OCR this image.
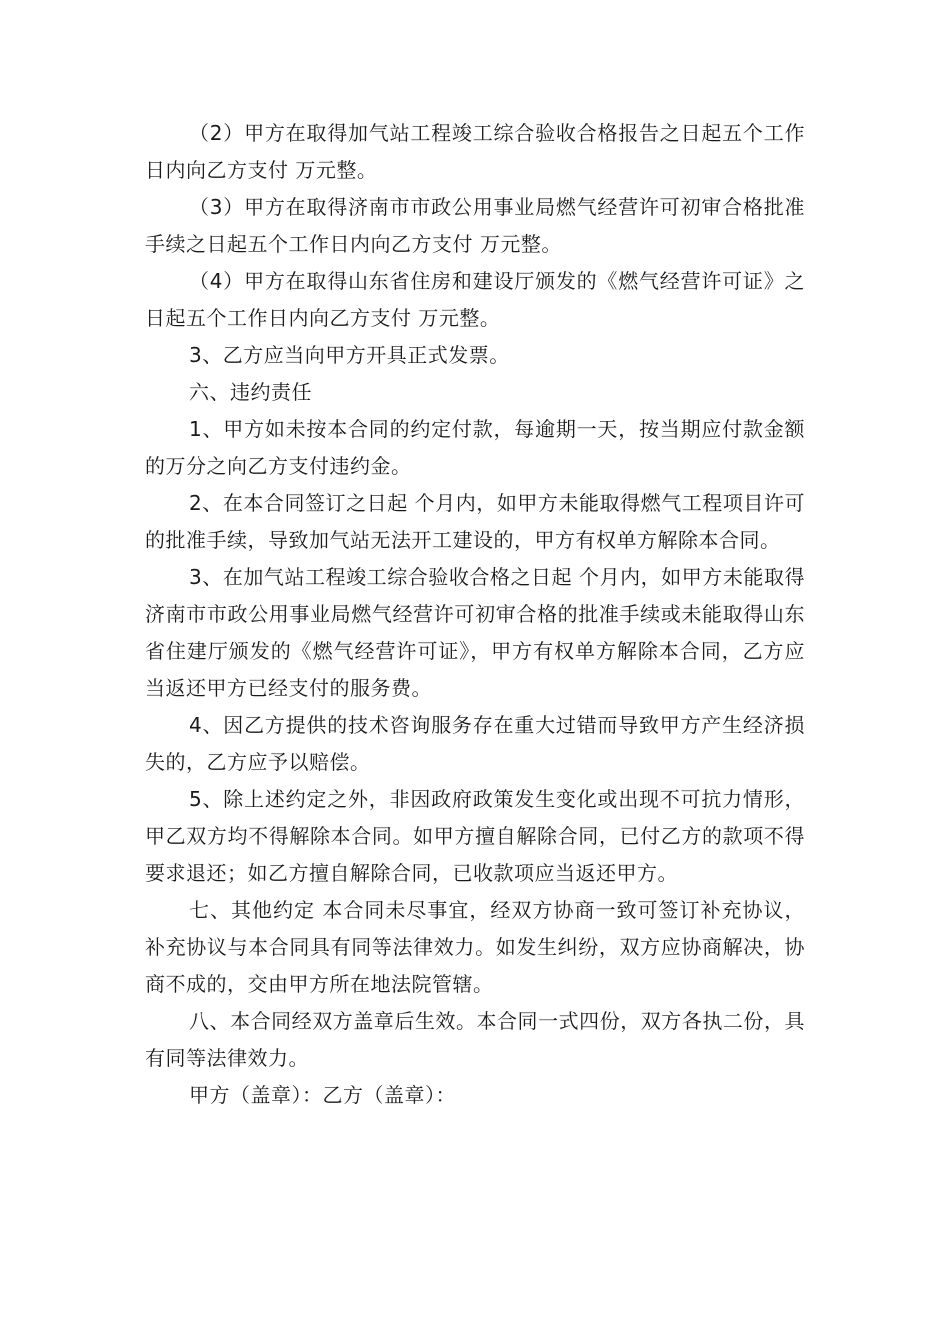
（2）甲方在取得加气站工程竣工综合验收合格报告之日起五个工作日内向乙方支付 万元整。

（3）甲方在取得济南市市政公用事业局燃气经营许可初审合格批准手续之日起五个工作日内向乙方支付 万元整。

（4）甲方在取得山东省住房和建设厅颁发的《燃气经营许可证》之日起五个工作日内向乙方支付 万元整。

3、乙方应当向甲方开具正式发票。

六、违约责任

1、甲方如未按本合同的约定付款，每逾期一天，按当期应付款金额的万分之向乙方支付违约金。

2、在本合同签订之日起 个月内，如甲方未能取得燃气工程项目许可的批准手续，导致加气站无法开工建设的，甲方有权单方解除本合同。

3、在加气站工程竣工综合验收合格之日起 个月内，如甲方未能取得济南市市政公用事业局燃气经营许可初审合格的批准手续或未能取得山东省住建厅颁发的《燃气经营许可证》，甲方有权单方解除本合同，乙方应当返还甲方已经支付的服务费。

4、因乙方提供的技术咨询服务存在重大过错而导致甲方产生经济损失的，乙方应予以赔偿。

5、除上述约定之外，非因政府政策发生变化或出现不可抗力情形，甲乙双方均不得解除本合同。如甲方擅自解除合同，已付乙方的款项不得要求退还；如乙方擅自解除合同，已收款项应当返还甲方。

七、其他约定 本合同未尽事宜，经双方协商一致可签订补充协议，补充协议与本合同具有同等法律效力。如发生纠纷，双方应协商解决，协商不成的，交由甲方所在地法院管辖。

八、本合同经双方盖章后生效。本合同一式四份，双方各执二份，具有同等法律效力。

甲方（盖章）：乙方（盖章）：
